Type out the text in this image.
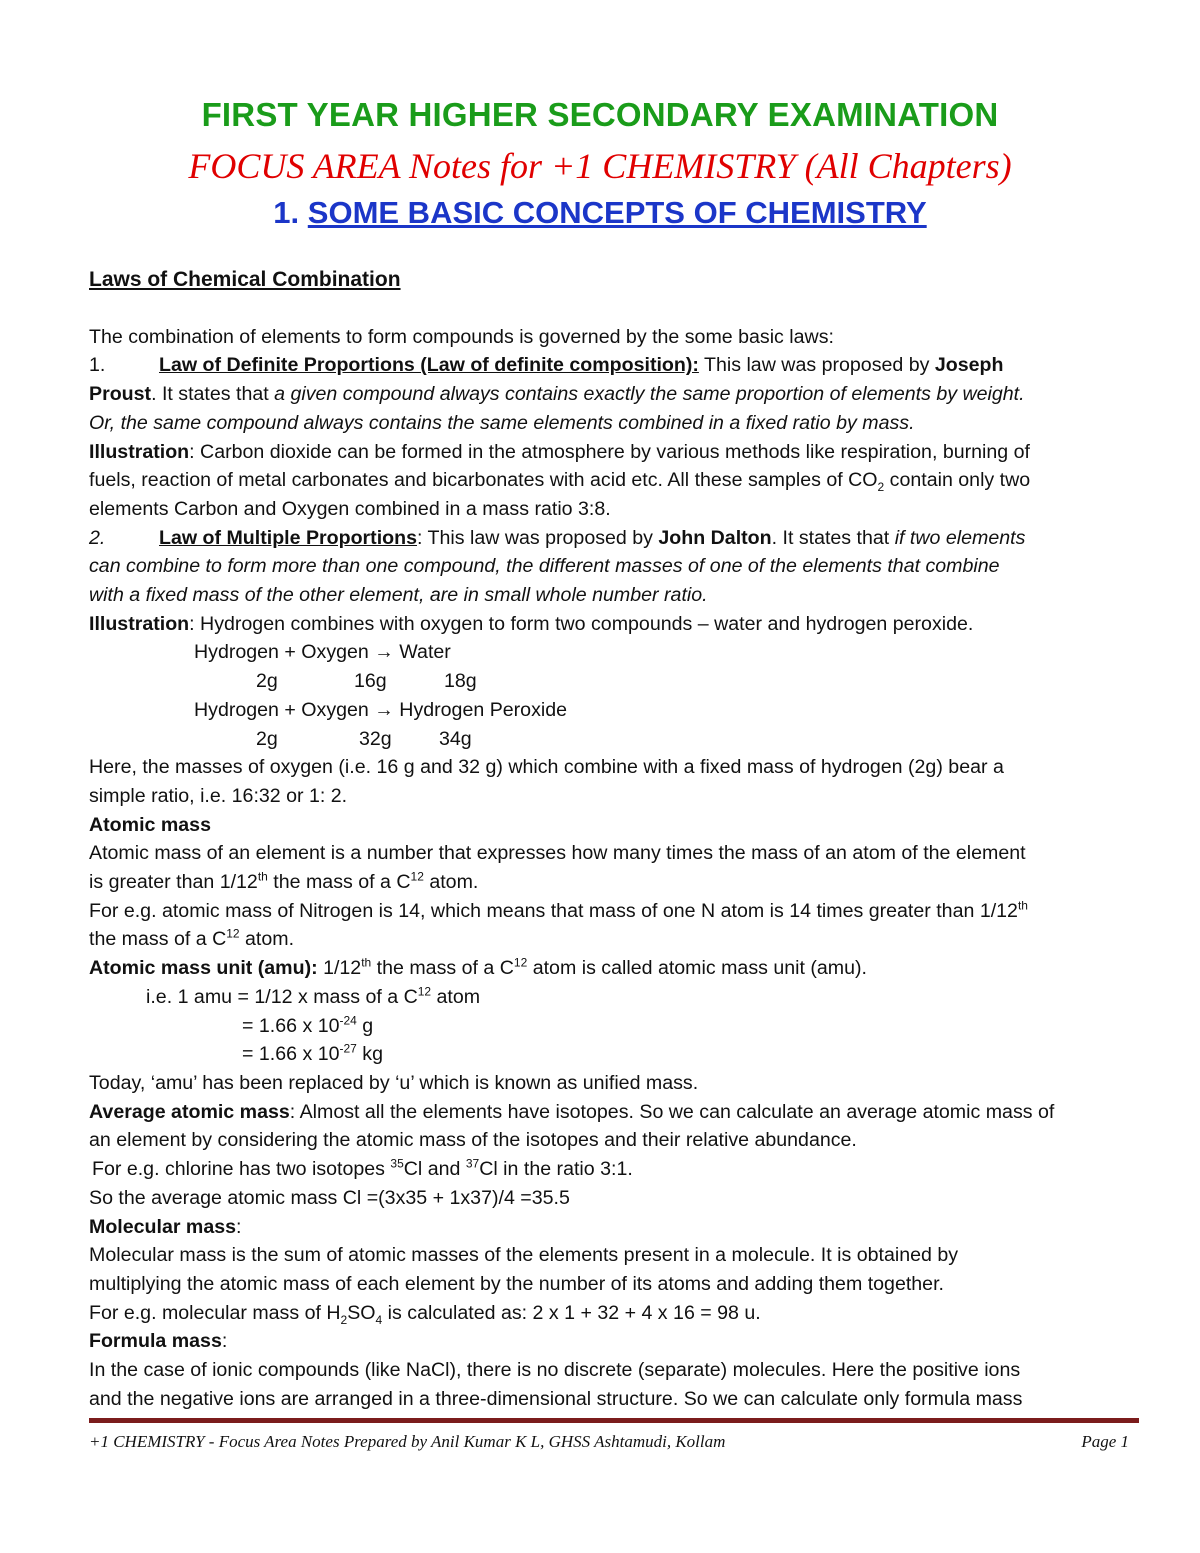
FIRST YEAR HIGHER SECONDARY EXAMINATION
FOCUS AREA Notes for +1 CHEMISTRY (All Chapters)
1. SOME BASIC CONCEPTS OF CHEMISTRY

Laws of Chemical Combination

The combination of elements to form compounds is governed by the some basic laws:

1.	Law of Definite Proportions (Law of definite composition): This law was proposed by Joseph

Proust. It states that a given compound always contains exactly the same proportion of elements by weight.

Or, the same compound always contains the same elements combined in a fixed ratio by mass.

Illustration: Carbon dioxide can be formed in the atmosphere by various methods like respiration, burning of

fuels, reaction of metal carbonates and bicarbonates with acid etc. All these samples of $CO_2$ contain only two

elements Carbon and Oxygen combined in a mass ratio 3:8.

2.	Law of Multiple Proportions: This law was proposed by John Dalton. It states that if two elements

can combine to form more than one compound, the different masses of one of the elements that combine

with a fixed mass of the other element, are in small whole number ratio.

Illustration: Hydrogen combines with oxygen to form two compounds – water and hydrogen peroxide.

Hydrogen + Oxygen → Water

2g	16g	18g

Hydrogen + Oxygen → Hydrogen Peroxide

2g	32g 34g

Here, the masses of oxygen (i.e. 16 g and 32 g) which combine with a fixed mass of hydrogen (2g) bear a

simple ratio, i.e. 16:32 or 1: 2.

Atomic mass

Atomic mass of an element is a number that expresses how many times the mass of an atom of the element

is greater than 1/12th the mass of a $C^{12}$ atom.

For e.g. atomic mass of Nitrogen is 14, which means that mass of one N atom is 14 times greater than 1/12th

the mass of a $C^{12}$ atom.

Atomic mass unit (amu): 1/12th the mass of a $C^{12}$ atom is called atomic mass unit (amu).

i.e. 1 amu = 1/12 x mass of a $C^{12}$ atom

= 1.66 x $10^{-24}$ g

= 1.66 x $10^{-27}$ kg

Today, ‘amu’ has been replaced by ‘u’ which is known as unified mass.

Average atomic mass: Almost all the elements have isotopes. So we can calculate an average atomic mass of

an element by considering the atomic mass of the isotopes and their relative abundance.

For e.g. chlorine has two isotopes $^{35}$Cl and $^{37}$Cl in the ratio 3:1.

So the average atomic mass Cl =(3x35 + 1x37)/4 =35.5

Molecular mass:

Molecular mass is the sum of atomic masses of the elements present in a molecule. It is obtained by

multiplying the atomic mass of each element by the number of its atoms and adding them together.

For e.g. molecular mass of $H_2SO_4$ is calculated as: 2 x 1 + 32 + 4 x 16 = 98 u.

Formula mass:

In the case of ionic compounds (like NaCl), there is no discrete (separate) molecules. Here the positive ions

and the negative ions are arranged in a three-dimensional structure. So we can calculate only formula mass

+1 CHEMISTRY - Focus Area Notes Prepared by Anil Kumar K L, GHSS Ashtamudi, Kollam	Page 1
